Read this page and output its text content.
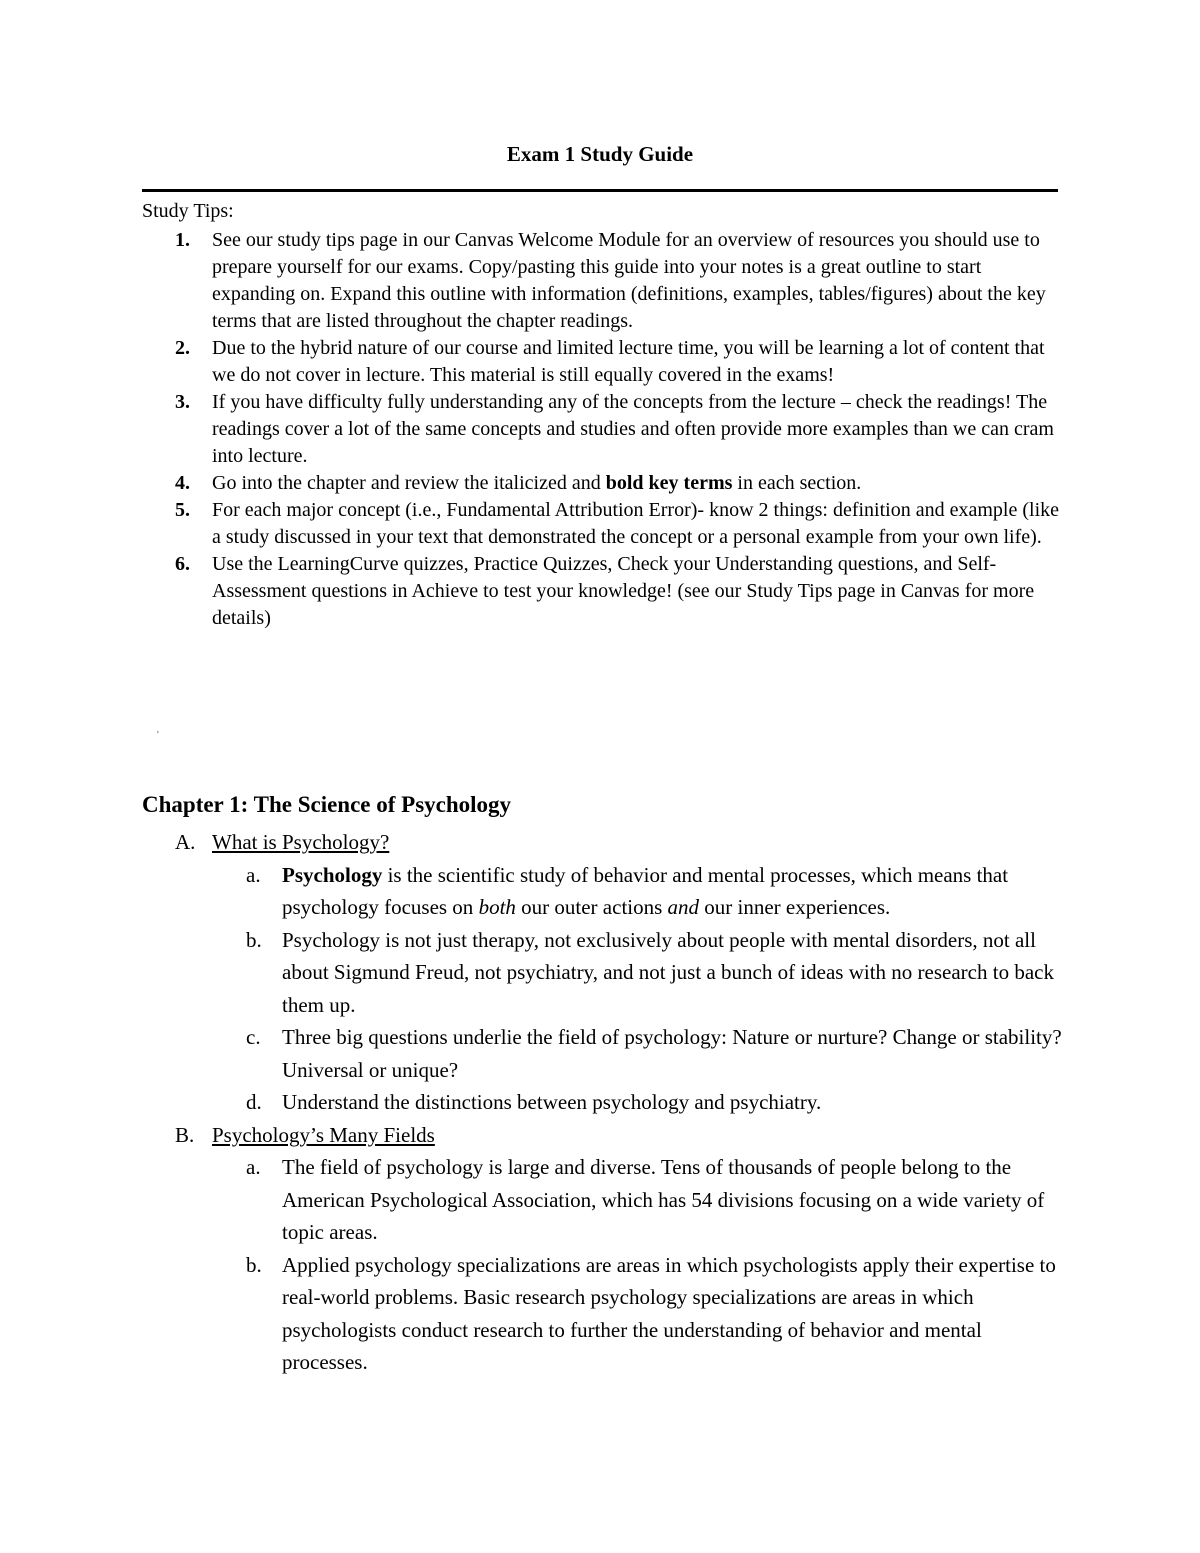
Exam 1 Study Guide
Study Tips:
1. See our study tips page in our Canvas Welcome Module for an overview of resources you should use to prepare yourself for our exams. Copy/pasting this guide into your notes is a great outline to start expanding on. Expand this outline with information (definitions, examples, tables/figures) about the key terms that are listed throughout the chapter readings.
2. Due to the hybrid nature of our course and limited lecture time, you will be learning a lot of content that we do not cover in lecture. This material is still equally covered in the exams!
3. If you have difficulty fully understanding any of the concepts from the lecture – check the readings! The readings cover a lot of the same concepts and studies and often provide more examples than we can cram into lecture.
4. Go into the chapter and review the italicized and bold key terms in each section.
5. For each major concept (i.e., Fundamental Attribution Error)- know 2 things: definition and example (like a study discussed in your text that demonstrated the concept or a personal example from your own life).
6. Use the LearningCurve quizzes, Practice Quizzes, Check your Understanding questions, and Self-Assessment questions in Achieve to test your knowledge! (see our Study Tips page in Canvas for more details)
'
Chapter 1: The Science of Psychology
A. What is Psychology?
a. Psychology is the scientific study of behavior and mental processes, which means that psychology focuses on both our outer actions and our inner experiences.
b. Psychology is not just therapy, not exclusively about people with mental disorders, not all about Sigmund Freud, not psychiatry, and not just a bunch of ideas with no research to back them up.
c. Three big questions underlie the field of psychology: Nature or nurture? Change or stability? Universal or unique?
d. Understand the distinctions between psychology and psychiatry.
B. Psychology’s Many Fields
a. The field of psychology is large and diverse. Tens of thousands of people belong to the American Psychological Association, which has 54 divisions focusing on a wide variety of topic areas.
b. Applied psychology specializations are areas in which psychologists apply their expertise to real-world problems. Basic research psychology specializations are areas in which psychologists conduct research to further the understanding of behavior and mental processes.
